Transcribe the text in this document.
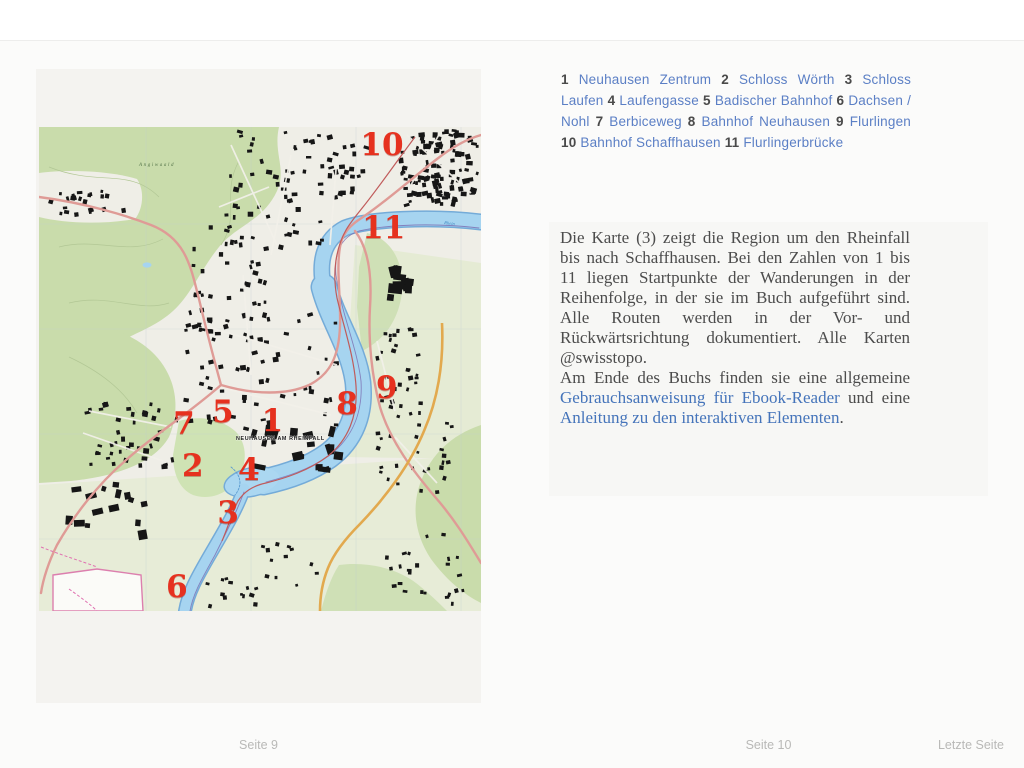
Angiwaald
NEUHAUSEN AM RHEINFALL
Rhein
1
2
3
4
5
6
7
8 9
10
11
1 Neuhausen Zentrum 2 Schloss Wörth 3 Schloss Laufen 4 Laufengasse 5 Badischer Bahnhof 6 Dachsen / Nohl 7 Berbiceweg 8 Bahnhof Neuhausen 9 Flurlingen 10 Bahnhof Schaffhausen 11 Flurlingerbrücke

Die Karte (3) zeigt die Region um den Rheinfall bis nach Schaffhausen. Bei den Zahlen von 1 bis 11 liegen Startpunkte der Wanderungen in der Reihenfolge, in der sie im Buch aufgeführt sind. Alle Routen werden in der Vor- und Rückwärtsrichtung dokumentiert. Alle Karten @swisstopo.

Am Ende des Buchs finden sie eine allgemeine Gebrauchsanweisung für Ebook-Reader und eine Anleitung zu den interaktiven Elementen.

Seite 9	Seite 10	Letzte Seite
